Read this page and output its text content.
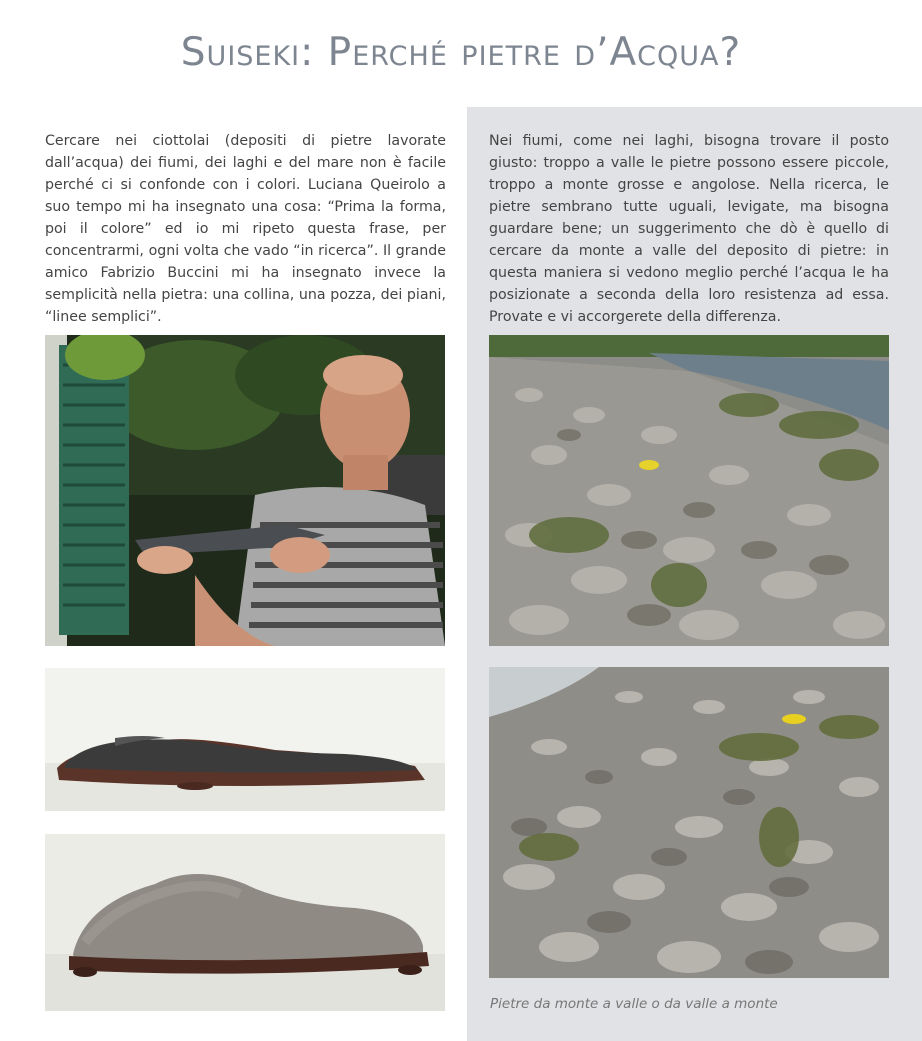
Suiseki: Perché pietre d’Acqua?
Cercare nei ciottolai (depositi di pietre lavorate dall’acqua) dei fiumi, dei laghi e del mare non è facile perché ci si confonde con i colori. Luciana Queirolo a suo tempo mi ha insegnato una cosa: “Prima la forma, poi il colore” ed io mi ripeto questa frase, per concentrarmi, ogni volta che vado “in ricerca”. Il grande amico Fabrizio Buccini mi ha insegnato invece la semplicità nella pietra: una collina, una pozza, dei piani, “linee semplici”.
Nei fiumi, come nei laghi, bisogna trovare il posto giusto: troppo a valle le pietre possono essere piccole, troppo a monte grosse e angolose. Nella ricerca, le pietre sembrano tutte uguali, levigate, ma bisogna guardare bene; un suggerimento che dò è quello di cercare da monte a valle del deposito di pietre: in questa maniera si vedono meglio perché l’acqua le ha posizionate a seconda della loro resistenza ad essa. Provate e vi accorgerete della differenza.
Pietre da monte a valle o da valle a monte
